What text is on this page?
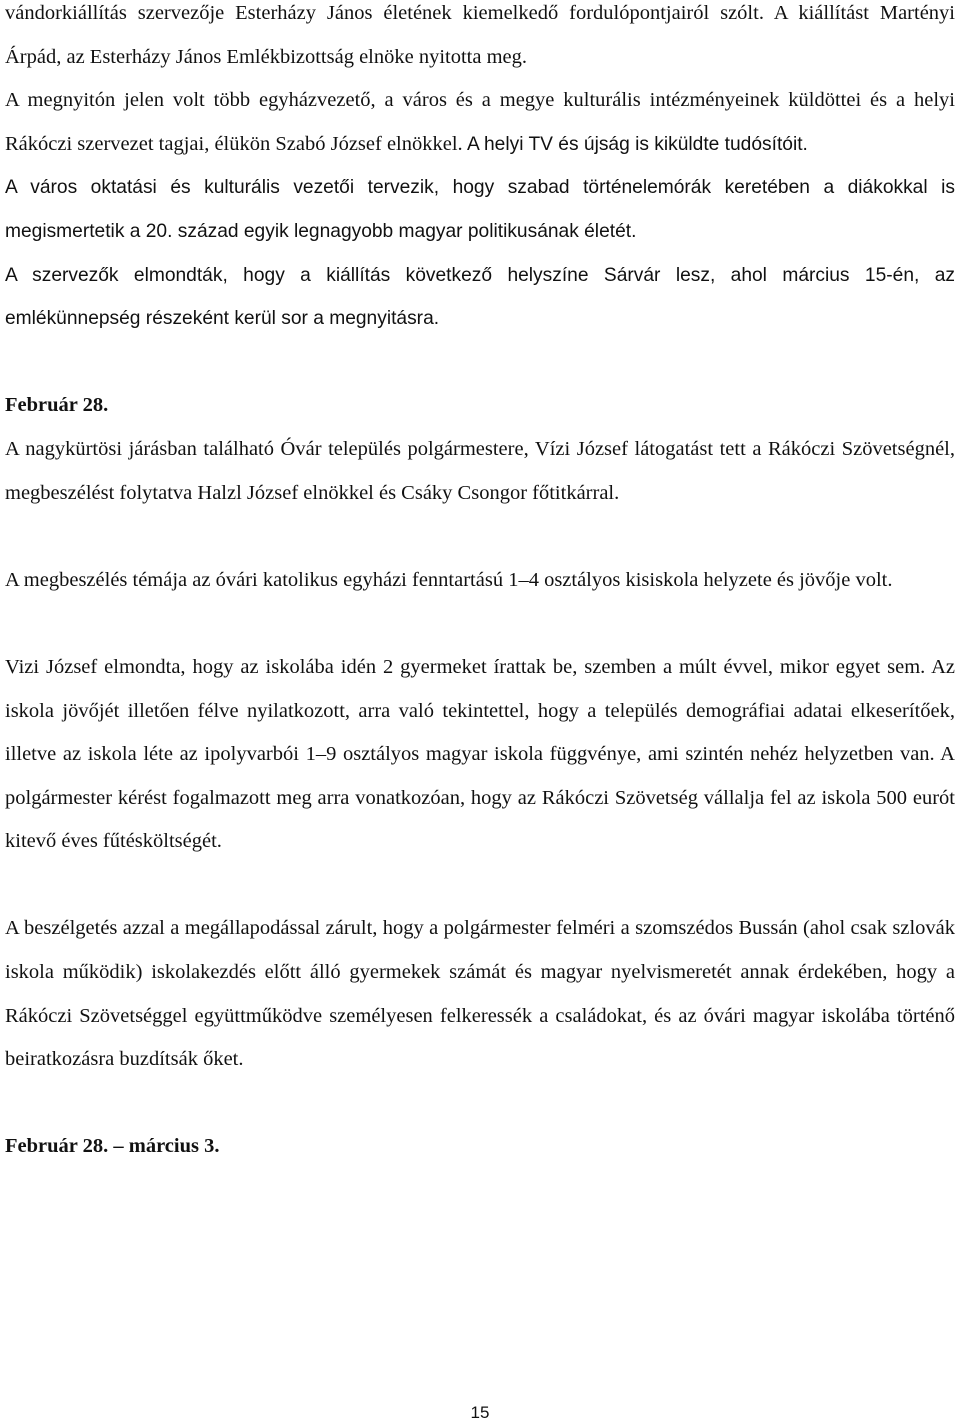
vándorkiállítás szervezője Esterházy János életének kiemelkedő fordulópontjairól szólt. A kiállítást Martényi Árpád, az Esterházy János Emlékbizottság elnöke nyitotta meg.

A megnyitón jelen volt több egyházvezető, a város és a megye kulturális intézményeinek küldöttei és a helyi Rákóczi szervezet tagjai, élükön Szabó József elnökkel. A helyi TV és újság is kiküldte tudósítóit.

A város oktatási és kulturális vezetői tervezik, hogy szabad történelemórák keretében a diákokkal is megismertetik a 20. század egyik legnagyobb magyar politikusának életét.

A szervezők elmondták, hogy a kiállítás következő helyszíne Sárvár lesz, ahol március 15-én, az emlékünnepség részeként kerül sor a megnyitásra.

Február 28.

A nagykürtösi járásban található Óvár település polgármestere, Vízi József látogatást tett a Rákóczi Szövetségnél, megbeszélést folytatva Halzl József elnökkel és Csáky Csongor főtitkárral.

A megbeszélés témája az óvári katolikus egyházi fenntartású 1–4 osztályos kisiskola helyzete és jövője volt.

Vizi József elmondta, hogy az iskolába idén 2 gyermeket írattak be, szemben a múlt évvel, mikor egyet sem. Az iskola jövőjét illetően félve nyilatkozott, arra való tekintettel, hogy a település demográfiai adatai elkeserítőek, illetve az iskola léte az ipolyvarbói 1–9 osztályos magyar iskola függvénye, ami szintén nehéz helyzetben van. A polgármester kérést fogalmazott meg arra vonatkozóan, hogy az Rákóczi Szövetség vállalja fel az iskola 500 eurót kitevő éves fűtésköltségét.

A beszélgetés azzal a megállapodással zárult, hogy a polgármester felméri a szomszédos Bussán (ahol csak szlovák iskola működik) iskolakezdés előtt álló gyermekek számát és magyar nyelvismeretét annak érdekében, hogy a Rákóczi Szövetséggel együttműködve személyesen felkeressék a családokat, és az óvári magyar iskolába történő beiratkozásra buzdítsák őket.

Február 28. – március 3.

15
